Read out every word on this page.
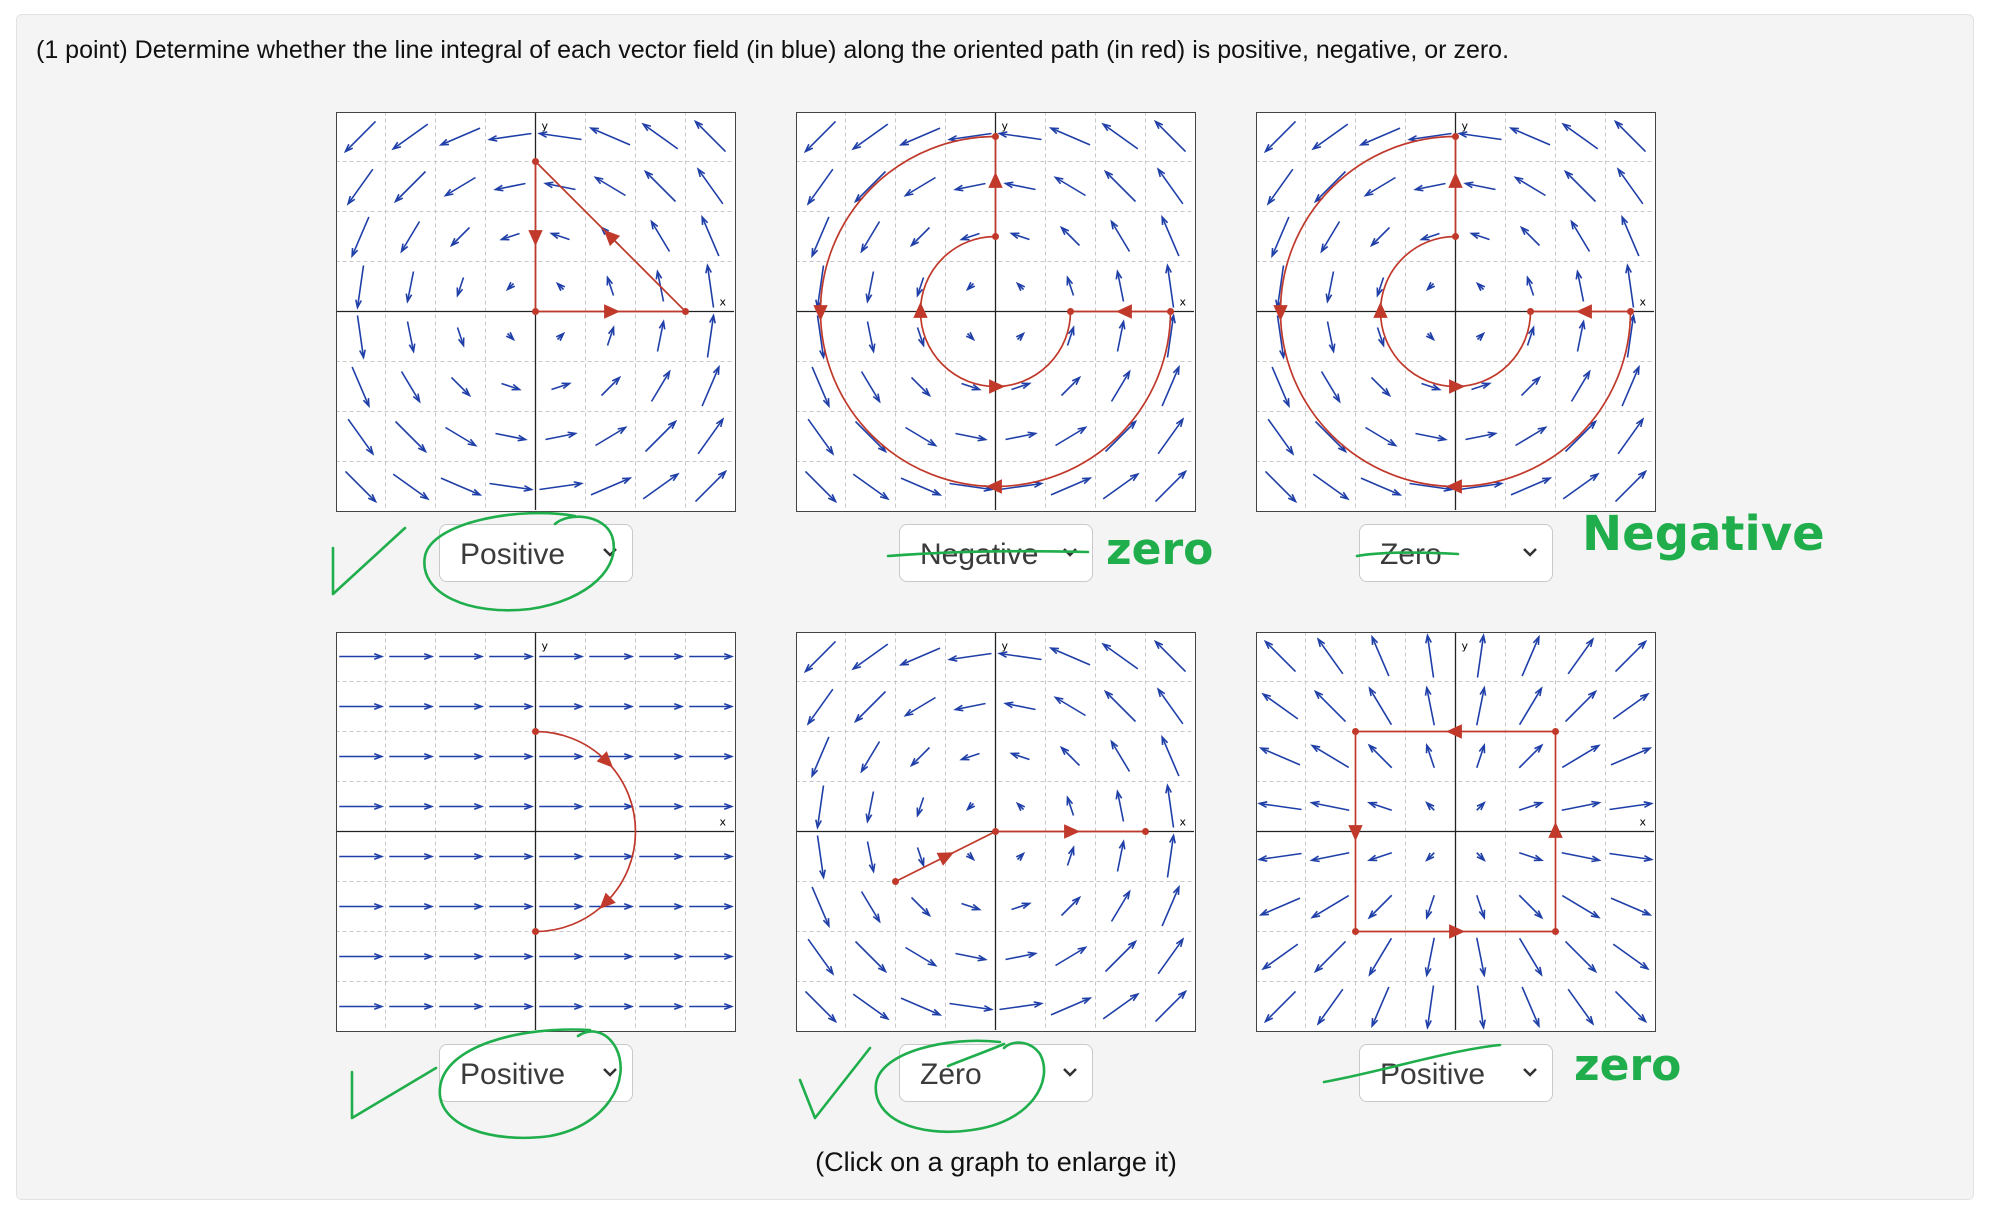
(1 point) Determine whether the line integral of each vector field (in blue) along the oriented path (in red) is positive, negative, or zero.
x
y
x
y
x
y
x
y
x
y
x
y
Positive	Negative	Zero
Positive	Zero	Positive
zero	Negative
zero
(Click on a graph to enlarge it)
